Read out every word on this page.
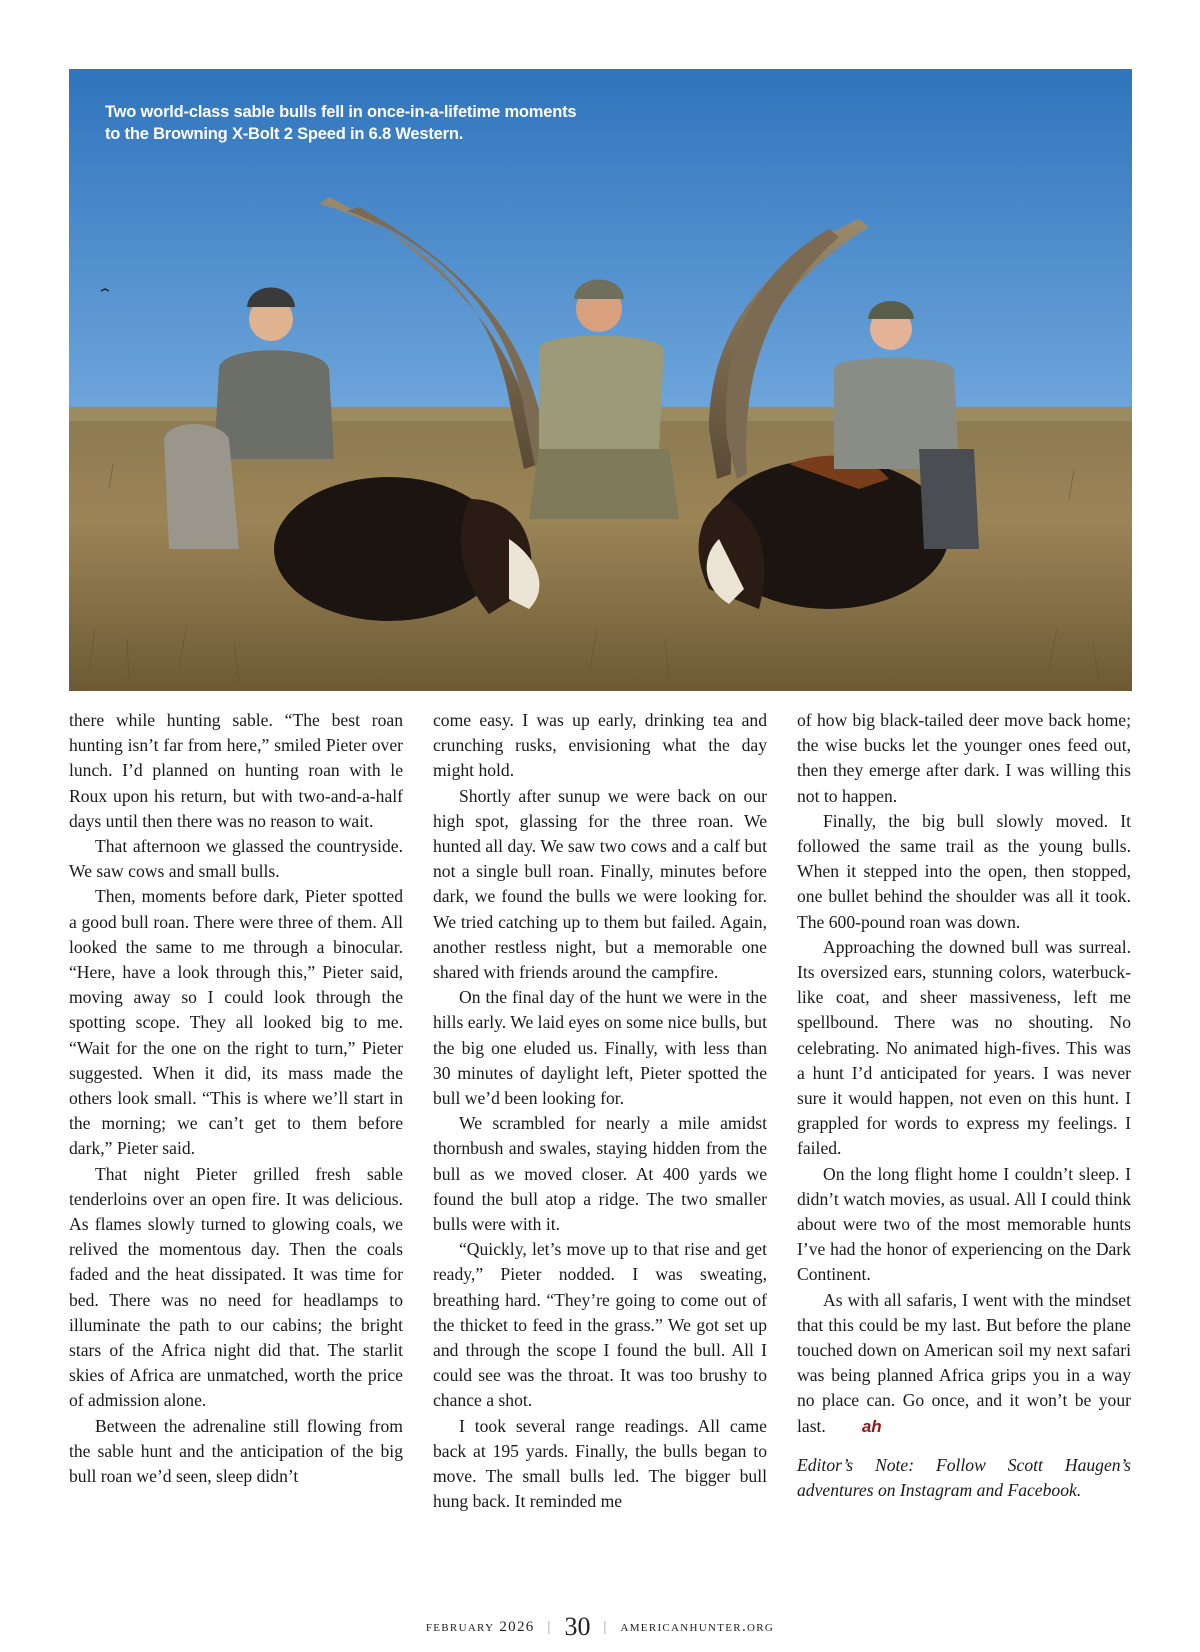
Two world-class sable bulls fell in once-in-a-lifetime moments
to the Browning X-Bolt 2 Speed in 6.8 Western.

there while hunting sable. “The best roan hunting isn’t far from here,” smiled Pieter over lunch. I’d planned on hunting roan with le Roux upon his return, but with two-and-a-half days until then there was no reason to wait.

That afternoon we glassed the countryside. We saw cows and small bulls.

Then, moments before dark, Pieter spotted a good bull roan. There were three of them. All looked the same to me through a binocular. “Here, have a look through this,” Pieter said, moving away so I could look through the spotting scope. They all looked big to me. “Wait for the one on the right to turn,” Pieter suggested. When it did, its mass made the others look small. “This is where we’ll start in the morning; we can’t get to them before dark,” Pieter said.

That night Pieter grilled fresh sable tenderloins over an open fire. It was delicious. As flames slowly turned to glowing coals, we relived the momentous day. Then the coals faded and the heat dissipated. It was time for bed. There was no need for headlamps to illuminate the path to our cabins; the bright stars of the Africa night did that. The starlit skies of Africa are unmatched, worth the price of admission alone.

Between the adrenaline still flowing from the sable hunt and the anticipation of the big bull roan we’d seen, sleep didn’t

come easy. I was up early, drinking tea and crunching rusks, envisioning what the day might hold.

Shortly after sunup we were back on our high spot, glassing for the three roan. We hunted all day. We saw two cows and a calf but not a single bull roan. Finally, minutes before dark, we found the bulls we were looking for. We tried catching up to them but failed. Again, another restless night, but a memorable one shared with friends around the campfire.

On the final day of the hunt we were in the hills early. We laid eyes on some nice bulls, but the big one eluded us. Finally, with less than 30 minutes of daylight left, Pieter spotted the bull we’d been looking for.

We scrambled for nearly a mile amidst thornbush and swales, staying hidden from the bull as we moved closer. At 400 yards we found the bull atop a ridge. The two smaller bulls were with it.

“Quickly, let’s move up to that rise and get ready,” Pieter nodded. I was sweating, breathing hard. “They’re going to come out of the thicket to feed in the grass.” We got set up and through the scope I found the bull. All I could see was the throat. It was too brushy to chance a shot.

I took several range readings. All came back at 195 yards. Finally, the bulls began to move. The small bulls led. The bigger bull hung back. It reminded me

of how big black-tailed deer move back home; the wise bucks let the younger ones feed out, then they emerge after dark. I was willing this not to happen.

Finally, the big bull slowly moved. It followed the same trail as the young bulls. When it stepped into the open, then stopped, one bullet behind the shoulder was all it took. The 600-pound roan was down.

Approaching the downed bull was surreal. Its oversized ears, stunning colors, waterbuck-like coat, and sheer massiveness, left me spellbound. There was no shouting. No celebrating. No animated high-fives. This was a hunt I’d anticipated for years. I was never sure it would happen, not even on this hunt. I grappled for words to express my feelings. I failed.

On the long flight home I couldn’t sleep. I didn’t watch movies, as usual. All I could think about were two of the most memorable hunts I’ve had the honor of experiencing on the Dark Continent.

As with all safaris, I went with the mindset that this could be my last. But before the plane touched down on American soil my next safari was being planned Africa grips you in a way no place can. Go once, and it won’t be your last. ah

Editor’s Note: Follow Scott Haugen’s adventures on Instagram and Facebook.

february 2026 | 30 | americanhunter.org
